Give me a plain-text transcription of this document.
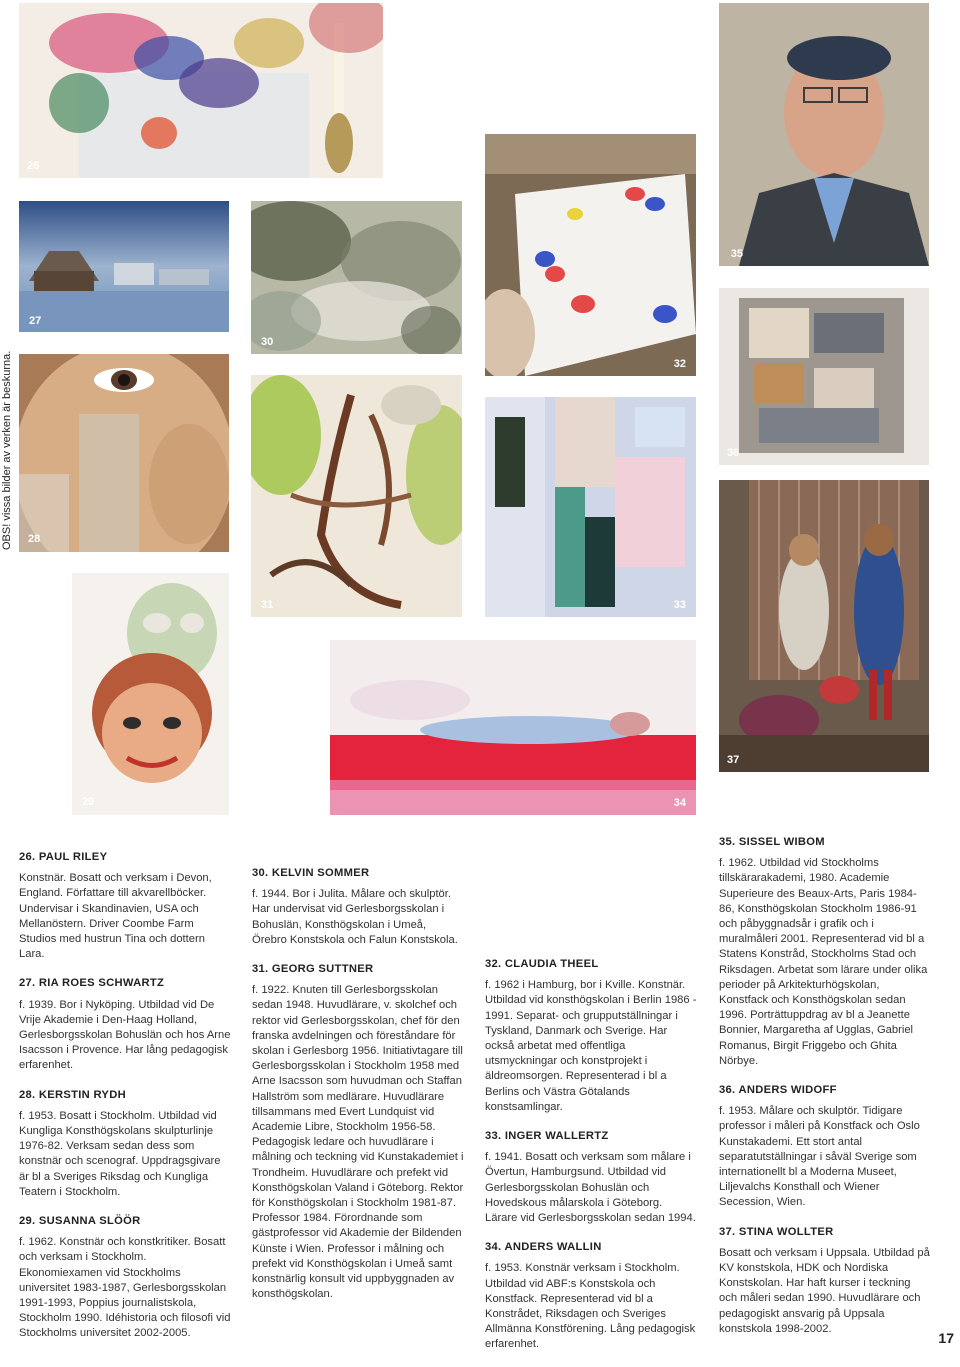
OBS! vissa bilder av verken är beskurna.
26
27
28
29
30
31
32
33
34
35
36
37
26. PAUL RILEY

Konstnär. Bosatt och verksam i Devon, England. Författare till akvarellböcker. Undervisar i Skandinavien, USA och Mellanöstern. Driver Coombe Farm Studios med hustrun Tina och dottern Lara.

27. RIA ROES SCHWARTZ

f. 1939. Bor i Nyköping. Utbildad vid De Vrije Akademie i Den-Haag Holland, Gerlesborgsskolan Bohuslän och hos Arne Isacsson i Provence. Har lång pedagogisk erfarenhet.

28. KERSTIN RYDH

f. 1953. Bosatt i Stockholm. Utbildad vid Kungliga Konsthögskolans skulpturlinje 1976-82. Verksam sedan dess som konstnär och scenograf. Uppdragsgivare är bl a Sveriges Riksdag och Kungliga Teatern i Stockholm.

29. SUSANNA SLÖÖR

f. 1962. Konstnär och konstkritiker. Bosatt och verksam i Stockholm. Ekonomiexamen vid Stockholms universitet 1983-1987, Gerlesborgsskolan 1991-1993, Poppius journalistskola, Stockholm 1990. Idéhistoria och filosofi vid Stockholms universitet 2002-2005.

30. KELVIN SOMMER

f. 1944. Bor i Julita. Målare och skulptör. Har undervisat vid Gerlesborgsskolan i Bohuslän, Konsthögskolan i Umeå, Örebro Konstskola och Falun Konstskola.

31. GEORG SUTTNER

f. 1922. Knuten till Gerlesborgsskolan sedan 1948. Huvudlärare, v. skolchef och rektor vid Gerlesborgsskolan, chef för den franska avdelningen och föreståndare för skolan i Gerlesborg 1956. Initiativtagare till Gerlesborgsskolan i Stockholm 1958 med Arne Isacsson som huvudman och Staffan Hallström som medlärare. Huvudlärare tillsammans med Evert Lundquist vid Academie Libre, Stockholm 1956-58. Pedagogisk ledare och huvudlärare i målning och teckning vid Kunstakademiet i Trondheim. Huvudlärare och prefekt vid Konsthögskolan Valand i Göteborg. Rektor för Konsthögskolan i Stockholm 1981-87. Professor 1984. Förordnande som gästprofessor vid Akademie der Bildenden Künste i Wien. Professor i målning och prefekt vid Konsthögskolan i Umeå samt konstnärlig konsult vid uppbyggnaden av konsthögskolan.

32. CLAUDIA THEEL

f. 1962 i Hamburg, bor i Kville. Konstnär. Utbildad vid konsthögskolan i Berlin 1986 - 1991. Separat- och grupputställningar i Tyskland, Danmark och Sverige. Har också arbetat med offentliga utsmyckningar och konstprojekt i äldreomsorgen. Representerad i bl a Berlins och Västra Götalands konstsamlingar.

33. INGER WALLERTZ

f. 1941. Bosatt och verksam som målare i Övertun, Hamburgsund. Utbildad vid Gerlesborgsskolan Bohuslän och Hovedskous målarskola i Göteborg. Lärare vid Gerlesborgsskolan sedan 1994.

34. ANDERS WALLIN

f. 1953. Konstnär verksam i Stockholm. Utbildad vid ABF:s Konstskola och Konstfack. Representerad vid bl a Konstrådet, Riksdagen och Sveriges Allmänna Konstförening. Lång pedagogisk erfarenhet.

35. SISSEL WIBOM

f. 1962. Utbildad vid Stockholms tillskärarakademi, 1980. Academie Superieure des Beaux-Arts, Paris 1984-86, Konsthögskolan Stockholm 1986-91 och påbyggnadsår i grafik och i muralmåleri 2001. Representerad vid bl a Statens Konstråd, Stockholms Stad och Riksdagen. Arbetat som lärare under olika perioder på Arkitekturhögskolan, Konstfack och Konsthögskolan sedan 1996. Porträttuppdrag av bl a Jeanette Bonnier, Margaretha af Ugglas, Gabriel Romanus, Birgit Friggebo och Ghita Nörbye.

36. ANDERS WIDOFF

f. 1953. Målare och skulptör. Tidigare professor i måleri på Konstfack och Oslo Kunstakademi. Ett stort antal separatutställningar i såväl Sverige som internationellt bl a Moderna Museet, Liljevalchs Konsthall och Wiener Secession, Wien.

37. STINA WOLLTER

Bosatt och verksam i Uppsala. Utbildad på KV konstskola, HDK och Nordiska Konstskolan. Har haft kurser i teckning och måleri sedan 1990. Huvudlärare och pedagogiskt ansvarig på Uppsala konstskola 1998-2002.

17
